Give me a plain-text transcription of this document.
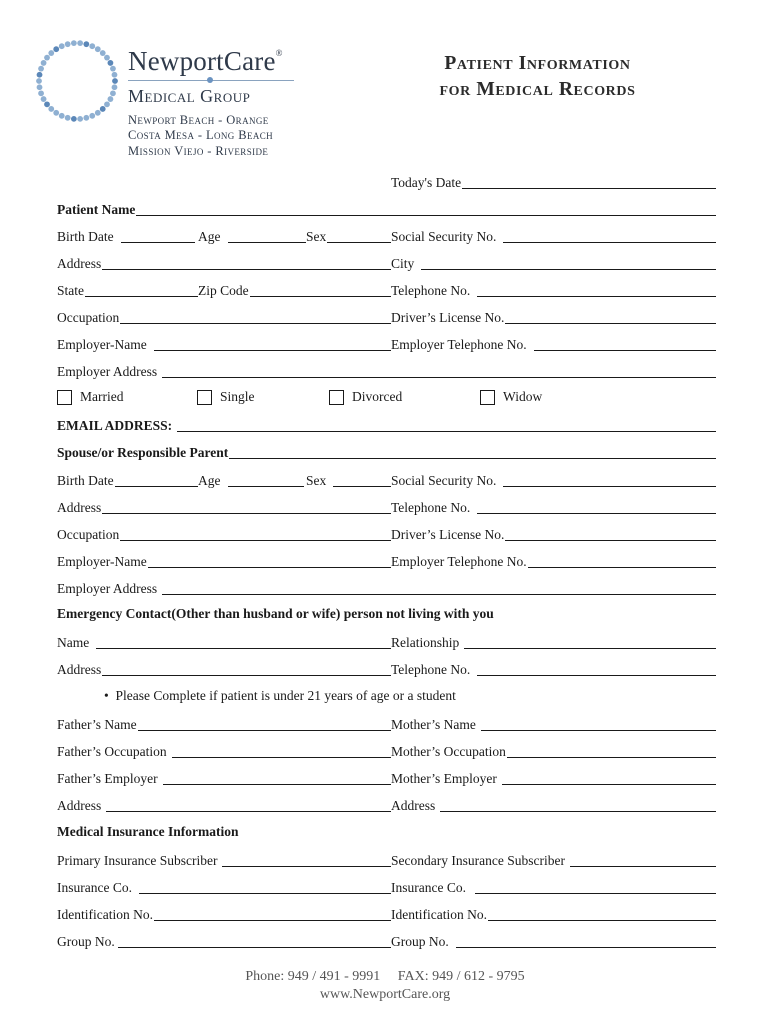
NewportCare®
Medical Group
Newport Beach - Orange
Costa Mesa - Long Beach
Mission Viejo - Riverside
Patient Information
for Medical Records
Today's Date
Patient Name
Birth Date	Age	Sex	Social Security No.
Address	City
State	Zip Code	Telephone No.
Occupation	Driver’s License No.
Employer-Name	Employer Telephone No.
Employer Address
Married	Single	Divorced	Widow
EMAIL ADDRESS:
Spouse/or Responsible Parent
Birth Date	Age	Sex	Social Security No.
Address	Telephone No.
Occupation	Driver’s License No.
Employer-Name	Employer Telephone No.
Employer Address
Emergency Contact(Other than husband or wife) person not living with you
Name	Relationship
Address	Telephone No.
• Please Complete if patient is under 21 years of age or a student
Father’s Name	Mother’s Name
Father’s Occupation	Mother’s Occupation
Father’s Employer	Mother’s Employer
Address	Address
Medical Insurance Information
Primary Insurance Subscriber	Secondary Insurance Subscriber
Insurance Co.	Insurance Co.
Identification No.	Identification No.
Group No.	Group No.
Phone: 949 / 491 - 9991     FAX: 949 / 612 - 9795
www.NewportCare.org
